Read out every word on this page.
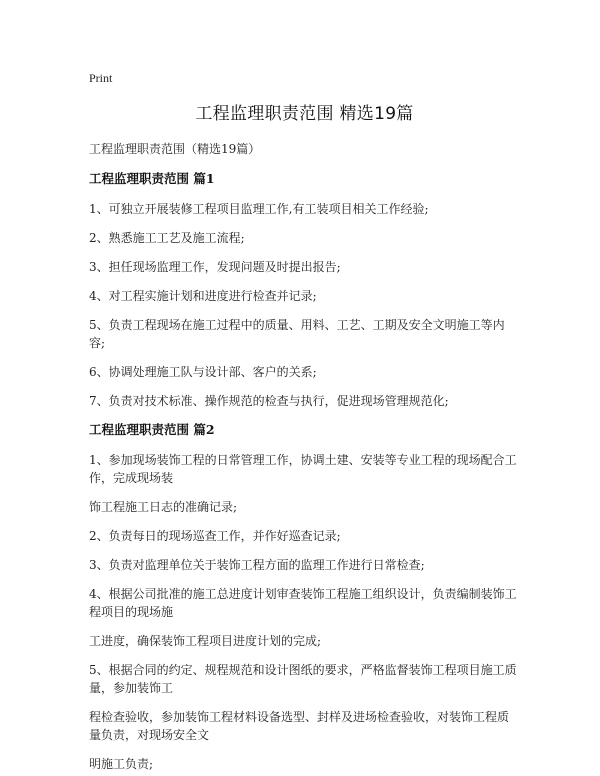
Print
工程监理职责范围 精选19篇
工程监理职责范围（精选19篇）
工程监理职责范围 篇1
1、可独立开展装修工程项目监理工作,有工装项目相关工作经验;
2、熟悉施工工艺及施工流程;
3、担任现场监理工作，发现问题及时提出报告;
4、对工程实施计划和进度进行检查并记录;
5、负责工程现场在施工过程中的质量、用料、工艺、工期及安全文明施工等内容;
6、协调处理施工队与设计部、客户的关系;
7、负责对技术标准、操作规范的检查与执行，促进现场管理规范化;
工程监理职责范围 篇2
1、参加现场装饰工程的日常管理工作，协调土建、安装等专业工程的现场配合工作，完成现场装
饰工程施工日志的准确记录;
2、负责每日的现场巡查工作，并作好巡查记录;
3、负责对监理单位关于装饰工程方面的监理工作进行日常检查;
4、根据公司批准的施工总进度计划审查装饰工程施工组织设计，负责编制装饰工程项目的现场施
工进度，确保装饰工程项目进度计划的完成;
5、根据合同的约定、规程规范和设计图纸的要求，严格监督装饰工程项目施工质量，参加装饰工
程检查验收，参加装饰工程材料设备选型、封样及进场检查验收，对装饰工程质量负责，对现场安全文
明施工负责;
